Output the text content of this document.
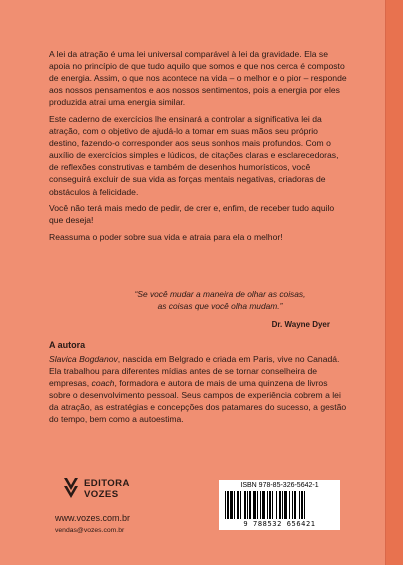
A lei da atração é uma lei universal comparável à lei da gravidade. Ela se apoia no princípio de que tudo aquilo que somos e que nos cerca é composto de energia. Assim, o que nos acontece na vida – o melhor e o pior – responde aos nossos pensamentos e aos nossos sentimentos, pois a energia por eles produzida atrai uma energia similar.

Este caderno de exercícios lhe ensinará a controlar a significativa lei da atração, com o objetivo de ajudá-lo a tomar em suas mãos seu próprio destino, fazendo-o corresponder aos seus sonhos mais profundos. Com o auxílio de exercícios simples e lúdicos, de citações claras e esclarecedoras, de reflexões construtivas e também de desenhos humorísticos, você conseguirá excluir de sua vida as forças mentais negativas, criadoras de obstáculos à felicidade.

Você não terá mais medo de pedir, de crer e, enfim, de receber tudo aquilo que deseja!

Reassuma o poder sobre sua vida e atraia para ela o melhor!

“Se você mudar a maneira de olhar as coisas,
as coisas que você olha mudam.”
Dr. Wayne Dyer
A autora
Slavica Bogdanov, nascida em Belgrado e criada em Paris, vive no Canadá. Ela trabalhou para diferentes mídias antes de se tornar conselheira de empresas, coach, formadora e autora de mais de uma quinzena de livros sobre o desenvolvimento pessoal. Seus campos de experiência cobrem a lei da atração, as estratégias e concepções dos patamares do sucesso, a gestão do tempo, bem como a autoestima.
EDITORA
VOZES
www.vozes.com.br
vendas@vozes.com.br
ISBN 978-85-326-5642-1
9 788532 656421
